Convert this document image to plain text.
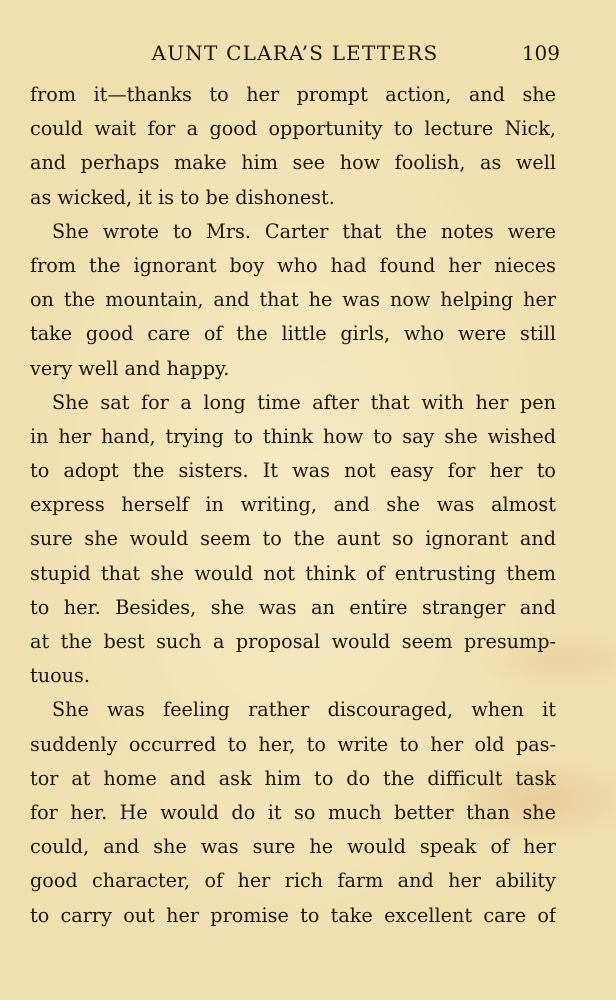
AUNT CLARA’S LETTERS	109
from it—thanks to her prompt action, and she
could wait for a good opportunity to lecture Nick,
and perhaps make him see how foolish, as well
as wicked, it is to be dishonest.
She wrote to Mrs. Carter that the notes were
from the ignorant boy who had found her nieces
on the mountain, and that he was now helping her
take good care of the little girls, who were still
very well and happy.
She sat for a long time after that with her pen
in her hand, trying to think how to say she wished
to adopt the sisters. It was not easy for her to
express herself in writing, and she was almost
sure she would seem to the aunt so ignorant and
stupid that she would not think of entrusting them
to her. Besides, she was an entire stranger and
at the best such a proposal would seem presump-
tuous.
She was feeling rather discouraged, when it
suddenly occurred to her, to write to her old pas-
tor at home and ask him to do the difficult task
for her. He would do it so much better than she
could, and she was sure he would speak of her
good character, of her rich farm and her ability
to carry out her promise to take excellent care of
